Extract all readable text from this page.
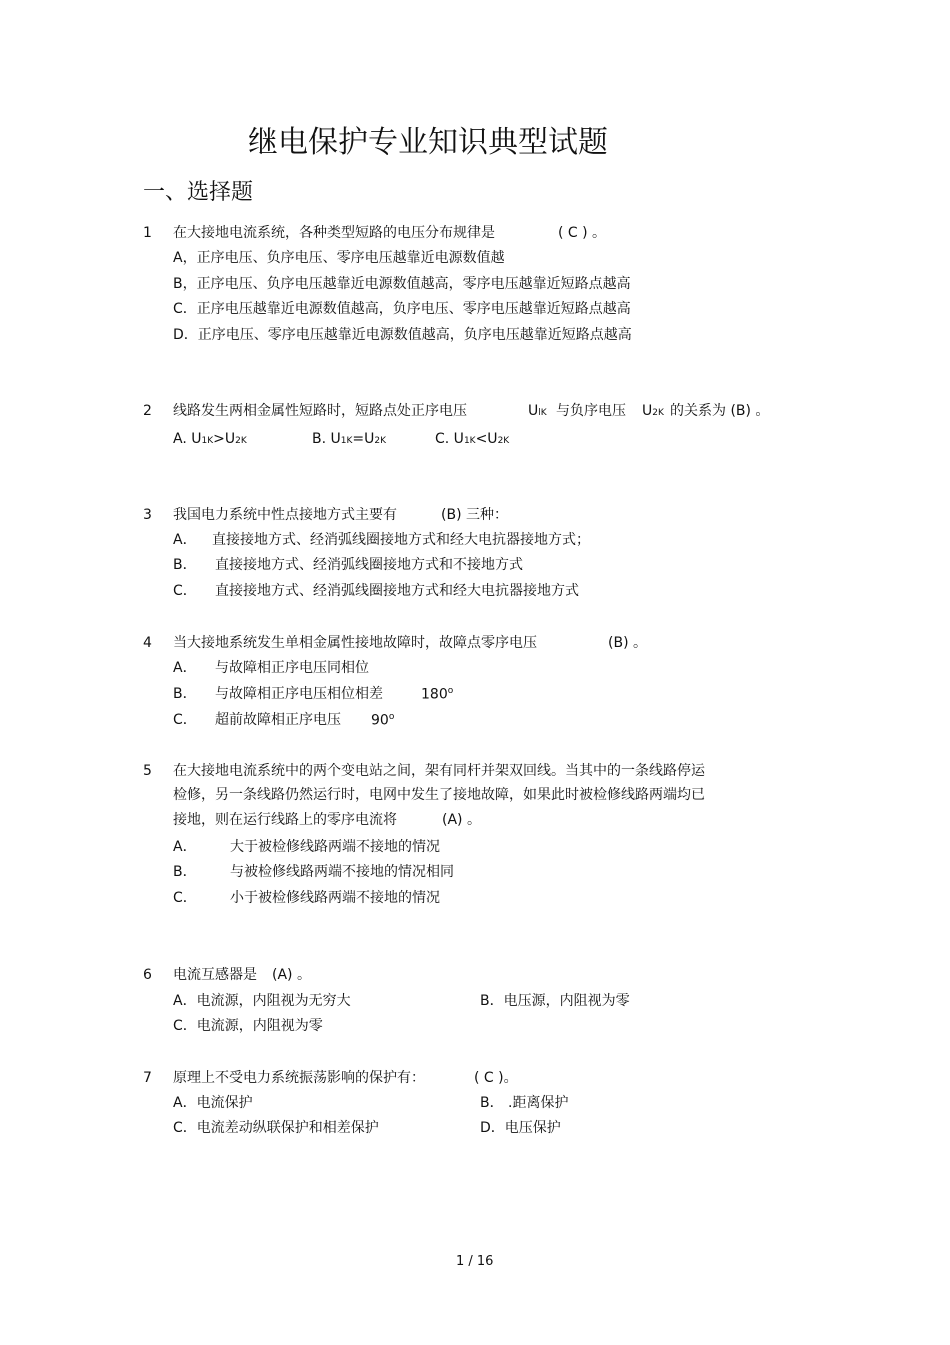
继电保护专业知识典型试题
一、选择题
1 在大接地电流系统，各种类型短路的电压分布规律是	( C ) 。
A，正序电压、负序电压、零序电压越靠近电源数值越
B，正序电压、负序电压越靠近电源数值越高，零序电压越靠近短路点越高
C．正序电压越靠近电源数值越高，负序电压、零序电压越靠近短路点越高
D．正序电压、零序电压越靠近电源数值越高，负序电压越靠近短路点越高
2 线路发生两相金属性短路时，短路点处正序电压	UlK 与负序电压 U2K 的关系为 (B) 。
A. U1K>U2K	B. U1K=U2K	C. U1K<U2K
3 我国电力系统中性点接地方式主要有	(B) 三种：
A． 直接接地方式、经消弧线圈接地方式和经大电抗器接地方式；
B． 直接接地方式、经消弧线圈接地方式和不接地方式
C． 直接接地方式、经消弧线圈接地方式和经大电抗器接地方式
4 当大接地系统发生单相金属性接地故障时，故障点零序电压	(B) 。
A． 与故障相正序电压同相位
B． 与故障相正序电压相位相差	180$^o$
C． 超前故障相正序电压 90$^o$
5 在大接地电流系统中的两个变电站之间，架有同杆并架双回线。当其中的一条线路停运
检修，另一条线路仍然运行时，电网中发生了接地故障，如果此时被检修线路两端均已
接地，则在运行线路上的零序电流将	(A) 。
A． 大于被检修线路两端不接地的情况
B． 与被检修线路两端不接地的情况相同
C． 小于被检修线路两端不接地的情况
6 电流互感器是 (A) 。
A．电流源，内阻视为无穷大	B．电压源，内阻视为零
C．电流源，内阻视为零
7 原理上不受电力系统振荡影响的保护有：	( C )。
A．电流保护	B． .距离保护
C．电流差动纵联保护和相差保护	D．电压保护
1 / 16
